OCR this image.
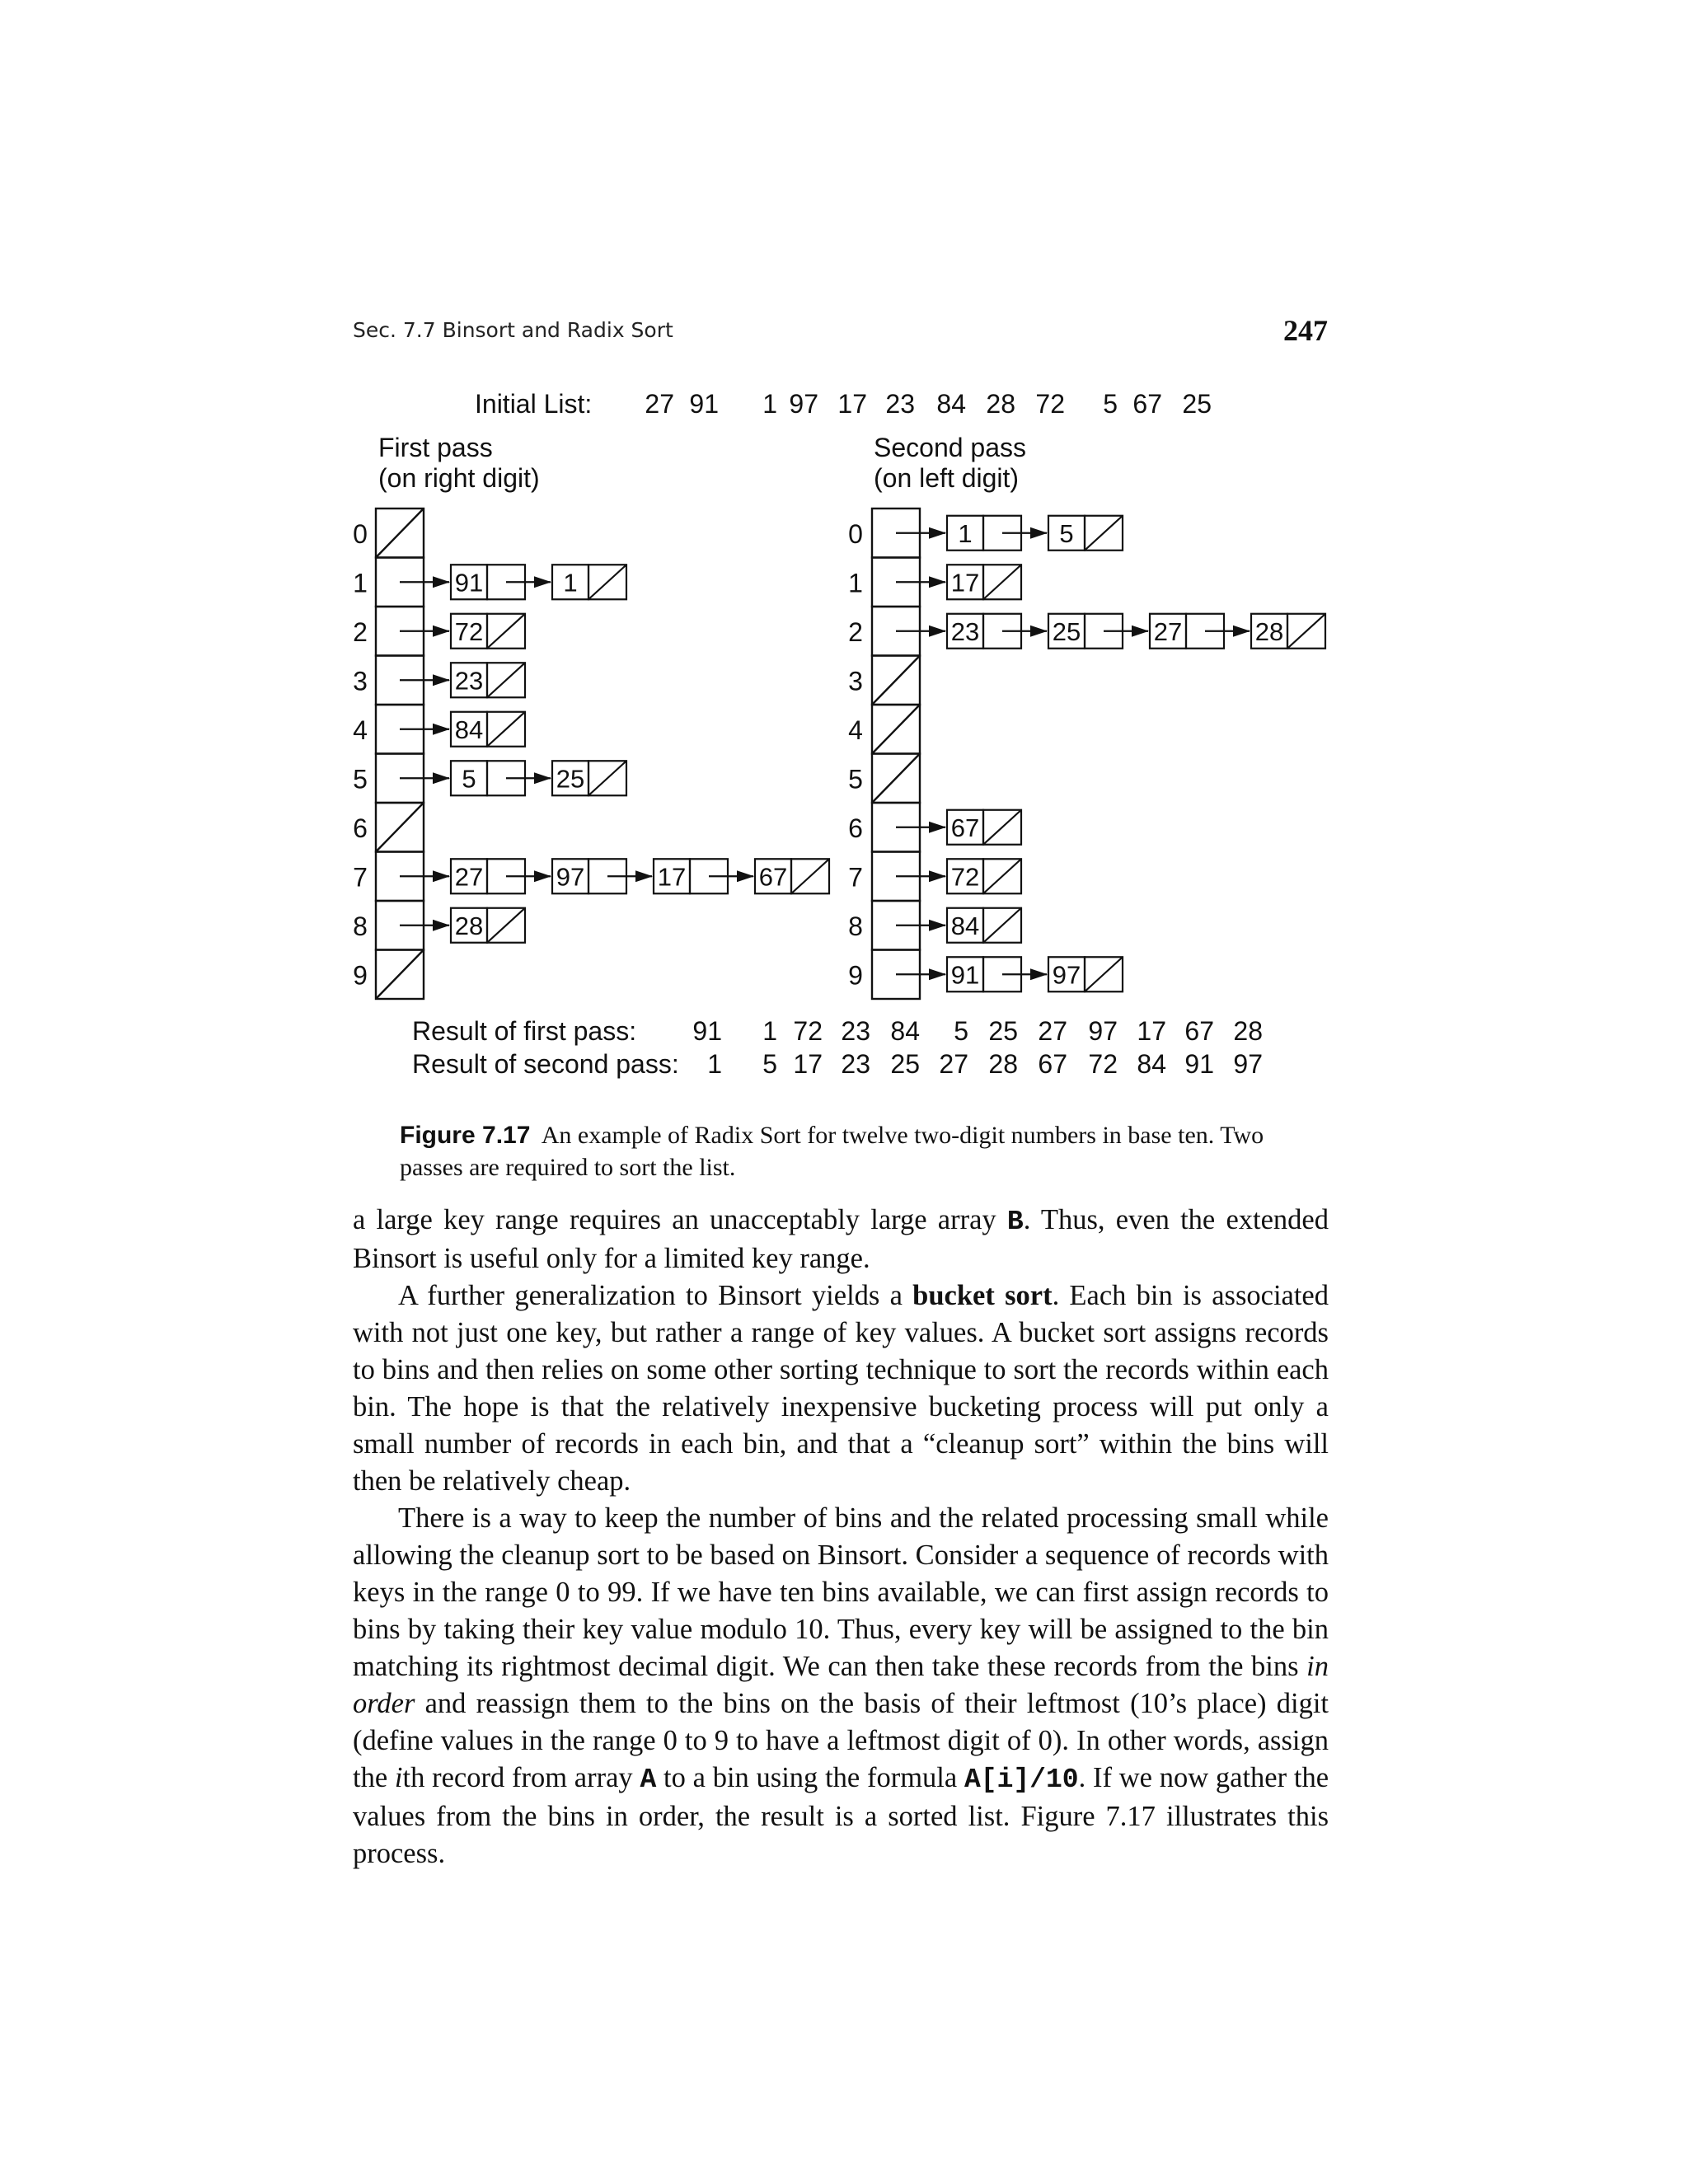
Sec. 7.7 Binsort and Radix Sort	247
Initial List: 27 91 1 97 17 23 84 28 72 5 67 25
First pass
(on right digit)
Second pass
(on left digit)
0
1	91	1
2	72
3	23
4	84
5	5	25
6
7	27	97	17	67
8	28
9
0	1	5
1	17
2	23	25	27	28
3
4
5
6	67
7	72
8	84
9	91	97
Result of first pass: 91 1 72 23 84 5 25 27 97 17 67 28
Result of second pass: 1 5 17 23 25 27 28 67 72 84 91 97
Figure 7.17 An example of Radix Sort for twelve two-digit numbers in base ten. Two passes are required to sort the list.

a large key range requires an unacceptably large array B. Thus, even the extended Binsort is useful only for a limited key range.

A further generalization to Binsort yields a bucket sort. Each bin is associated with not just one key, but rather a range of key values. A bucket sort assigns records to bins and then relies on some other sorting technique to sort the records within each bin. The hope is that the relatively inexpensive bucketing process will put only a small number of records in each bin, and that a “cleanup sort” within the bins will then be relatively cheap.

There is a way to keep the number of bins and the related processing small while allowing the cleanup sort to be based on Binsort. Consider a sequence of records with keys in the range 0 to 99. If we have ten bins available, we can first assign records to bins by taking their key value modulo 10. Thus, every key will be assigned to the bin matching its rightmost decimal digit. We can then take these records from the bins in order and reassign them to the bins on the basis of their leftmost (10’s place) digit (define values in the range 0 to 9 to have a leftmost digit of 0). In other words, assign the ith record from array A to a bin using the formula A[i]/10. If we now gather the values from the bins in order, the result is a sorted list. Figure 7.17 illustrates this process.
